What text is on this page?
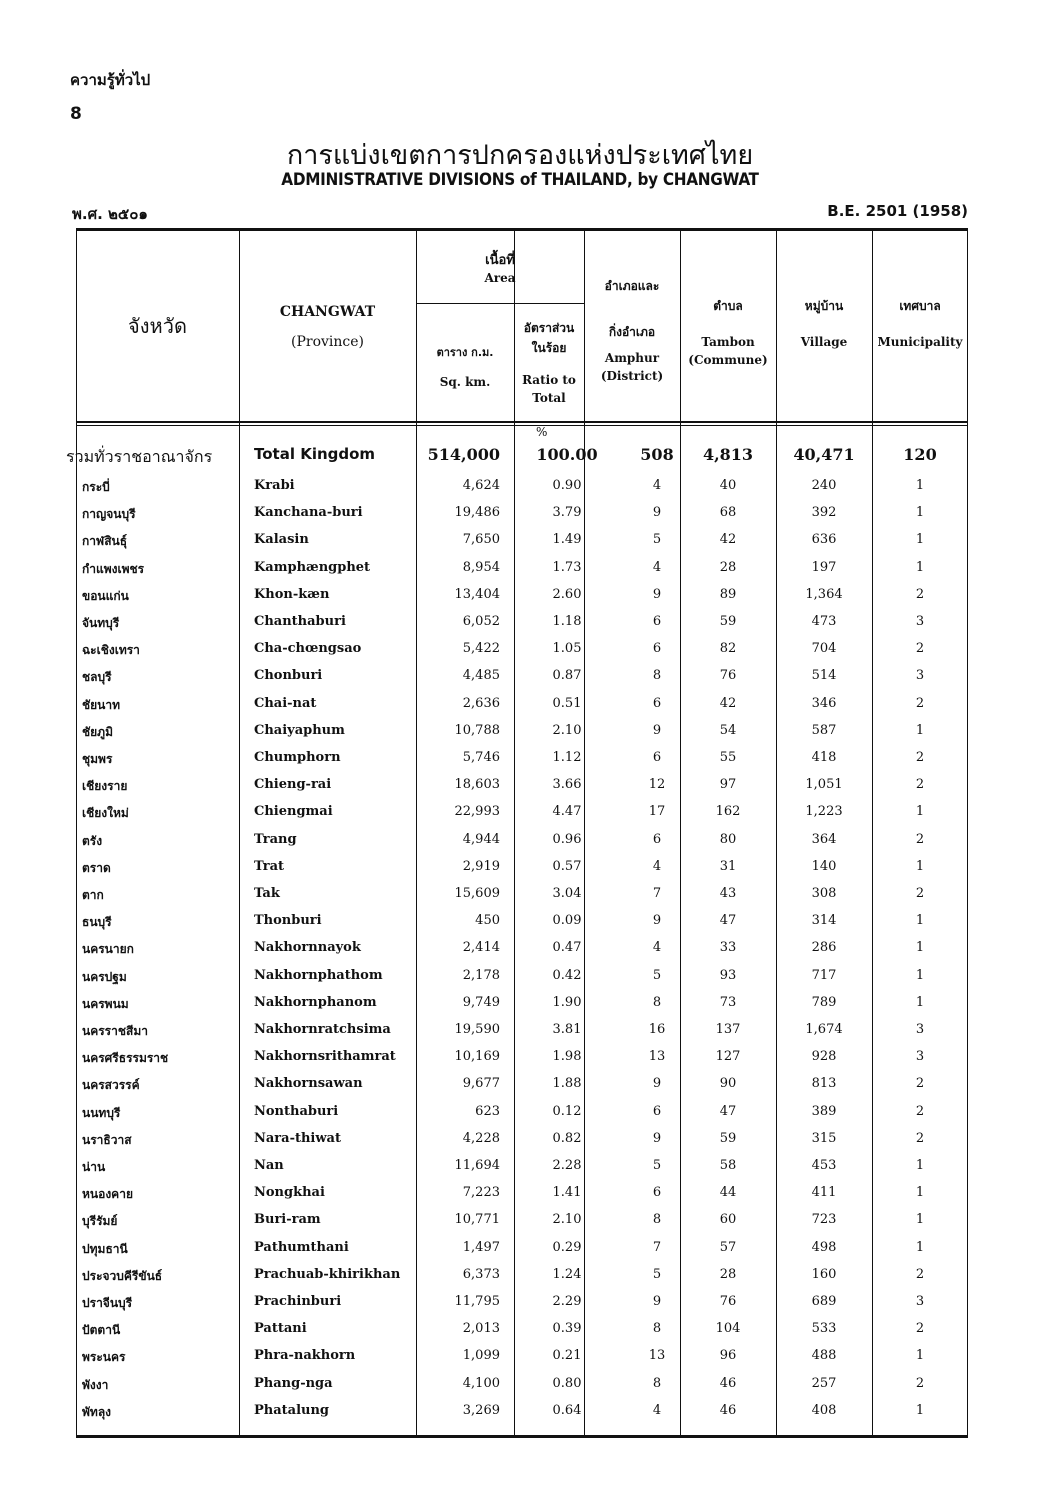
ความรู้ทั่วไป
8
การแบ่งเขตการปกครองแห่งประเทศไทย
ADMINISTRATIVE DIVISIONS of THAILAND, by CHANGWAT
พ.ศ. ๒๕๐๑	B.E. 2501 (1958)
จังหวัด
CHANGWAT
(Province)
เนื้อที่
Area
ตาราง ก.ม.
Sq. km.
อัตราส่วน
ในร้อย
Ratio to
Total
อำเภอและ
กิ่งอำเภอ
Amphur
(District)
ตำบล
Tambon
(Commune)
หมู่บ้าน
Village
เทศบาล
Municipality
%
รวมทั่วราชอาณาจักร	Total Kingdom	514,000	100.00	508	4,813	40,471	120
กระบี่	Krabi	4,624	0.90	4	40	240	1
กาญจนบุรี	Kanchana-buri	19,486	3.79	9	68	392	1
กาฬสินธุ์	Kalasin	7,650	1.49	5	42	636	1
กำแพงเพชร	Kamphængphet	8,954	1.73	4	28	197	1
ขอนแก่น	Khon-kæn	13,404	2.60	9	89	1,364	2
จันทบุรี	Chanthaburi	6,052	1.18	6	59	473	3
ฉะเชิงเทรา	Cha-chœngsao	5,422	1.05	6	82	704	2
ชลบุรี	Chonburi	4,485	0.87	8	76	514	3
ชัยนาท	Chai-nat	2,636	0.51	6	42	346	2
ชัยภูมิ	Chaiyaphum	10,788	2.10	9	54	587	1
ชุมพร	Chumphorn	5,746	1.12	6	55	418	2
เชียงราย	Chieng-rai	18,603	3.66	12	97	1,051	2
เชียงใหม่	Chiengmai	22,993	4.47	17	162	1,223	1
ตรัง	Trang	4,944	0.96	6	80	364	2
ตราด	Trat	2,919	0.57	4	31	140	1
ตาก	Tak	15,609	3.04	7	43	308	2
ธนบุรี	Thonburi	450	0.09	9	47	314	1
นครนายก	Nakhornnayok	2,414	0.47	4	33	286	1
นครปฐม	Nakhornphathom	2,178	0.42	5	93	717	1
นครพนม	Nakhornphanom	9,749	1.90	8	73	789	1
นครราชสีมา	Nakhornratchsima	19,590	3.81	16	137	1,674	3
นครศรีธรรมราช	Nakhornsrithamrat	10,169	1.98	13	127	928	3
นครสวรรค์	Nakhornsawan	9,677	1.88	9	90	813	2
นนทบุรี	Nonthaburi	623	0.12	6	47	389	2
นราธิวาส	Nara-thiwat	4,228	0.82	9	59	315	2
น่าน	Nan	11,694	2.28	5	58	453	1
หนองคาย	Nongkhai	7,223	1.41	6	44	411	1
บุรีรัมย์	Buri-ram	10,771	2.10	8	60	723	1
ปทุมธานี	Pathumthani	1,497	0.29	7	57	498	1
ประจวบคีรีขันธ์	Prachuab-khirikhan	6,373	1.24	5	28	160	2
ปราจีนบุรี	Prachinburi	11,795	2.29	9	76	689	3
ปัตตานี	Pattani	2,013	0.39	8	104	533	2
พระนคร	Phra-nakhorn	1,099	0.21	13	96	488	1
พังงา	Phang-nga	4,100	0.80	8	46	257	2
พัทลุง	Phatalung	3,269	0.64	4	46	408	1
